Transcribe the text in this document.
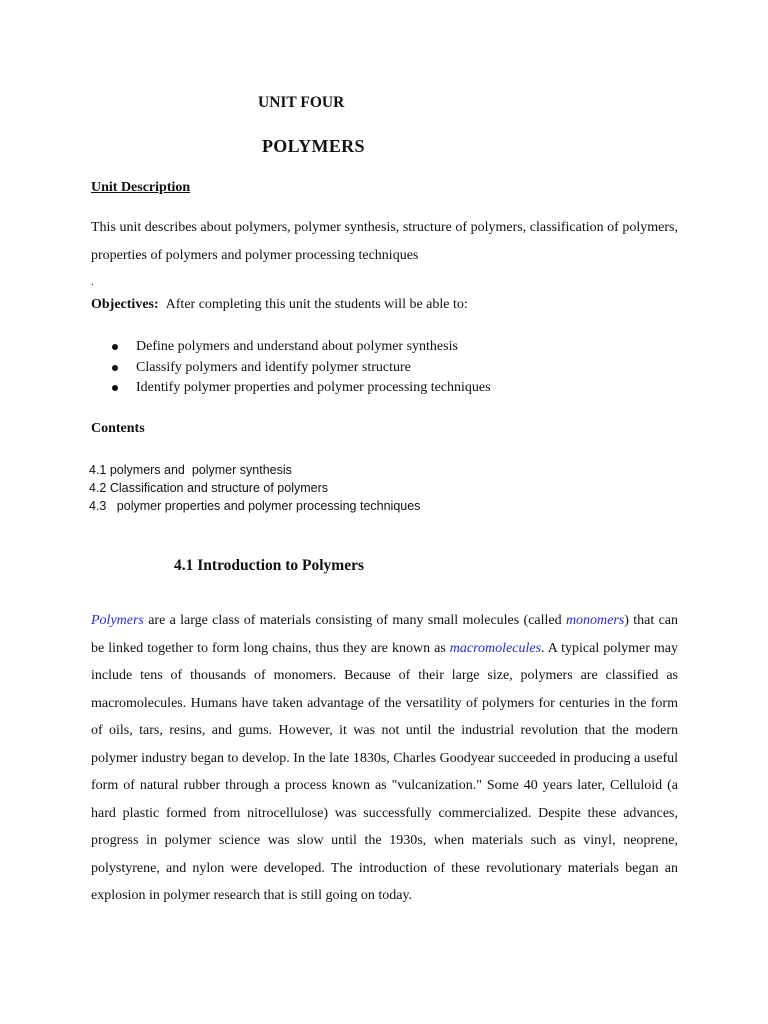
UNIT FOUR
POLYMERS

Unit Description

This unit describes about polymers, polymer synthesis, structure of polymers, classification of polymers, properties of polymers and polymer processing techniques

.

Objectives: After completing this unit the students will be able to:

Define polymers and understand about polymer synthesis
Classify polymers and identify polymer structure
Identify polymer properties and polymer processing techniques

Contents

4.1 polymers and  polymer synthesis
4.2 Classification and structure of polymers
4.3   polymer properties and polymer processing techniques
4.1 Introduction to Polymers

Polymers are a large class of materials consisting of many small molecules (called monomers) that can be linked together to form long chains, thus they are known as macromolecules. A typical polymer may include tens of thousands of monomers. Because of their large size, polymers are classified as macromolecules. Humans have taken advantage of the versatility of polymers for centuries in the form of oils, tars, resins, and gums. However, it was not until the industrial revolution that the modern polymer industry began to develop. In the late 1830s, Charles Goodyear succeeded in producing a useful form of natural rubber through a process known as "vulcanization." Some 40 years later, Celluloid (a hard plastic formed from nitrocellulose) was successfully commercialized. Despite these advances, progress in polymer science was slow until the 1930s, when materials such as vinyl, neoprene, polystyrene, and nylon were developed. The introduction of these revolutionary materials began an explosion in polymer research that is still going on today.
